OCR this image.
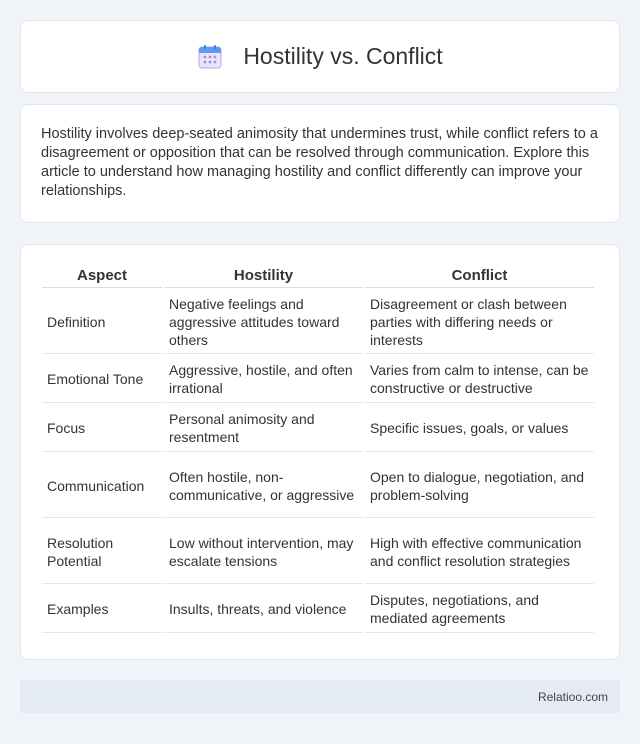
Hostility vs. Conflict

Hostility involves deep-seated animosity that undermines trust, while conflict refers to a disagreement or opposition that can be resolved through communication. Explore this article to understand how managing hostility and conflict differently can improve your relationships.

Aspect	Hostility	Conflict
Definition	Negative feelings and aggressive attitudes toward others	Disagreement or clash between parties with differing needs or interests
Emotional Tone	Aggressive, hostile, and often irrational	Varies from calm to intense, can be constructive or destructive
Focus	Personal animosity and resentment	Specific issues, goals, or values
Communication	Often hostile, non-communicative, or aggressive	Open to dialogue, negotiation, and problem-solving
Resolution Potential	Low without intervention, may escalate tensions	High with effective communication and conflict resolution strategies
Examples	Insults, threats, and violence	Disputes, negotiations, and mediated agreements
Relatioo.com
